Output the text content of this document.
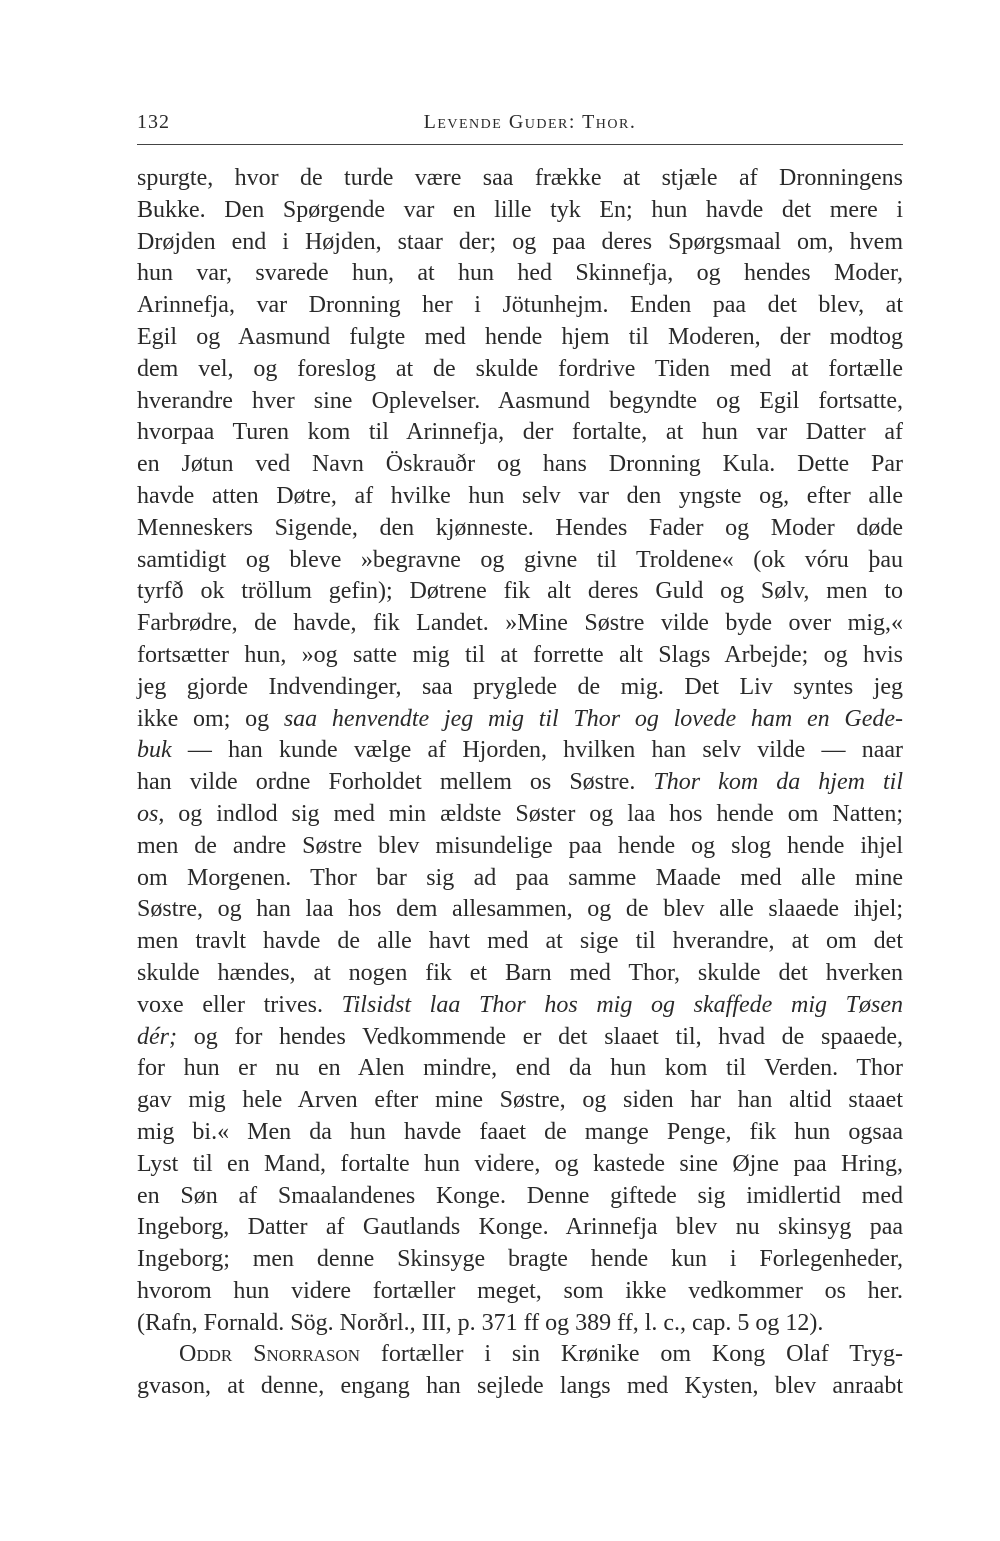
132	Levende Guder: Thor.
spurgte, hvor de turde være saa frække at stjæle af Dronningens
Bukke. Den Spørgende var en lille tyk En; hun havde det mere i
Drøjden end i Højden, staar der; og paa deres Spørgsmaal om, hvem
hun var, svarede hun, at hun hed Skinnefja, og hendes Moder,
Arinnefja, var Dronning her i Jötunhejm. Enden paa det blev, at
Egil og Aasmund fulgte med hende hjem til Moderen, der modtog
dem vel, og foreslog at de skulde fordrive Tiden med at fortælle
hverandre hver sine Oplevelser. Aasmund begyndte og Egil fortsatte,
hvorpaa Turen kom til Arinnefja, der fortalte, at hun var Datter af
en Jøtun ved Navn Öskrauðr og hans Dronning Kula. Dette Par
havde atten Døtre, af hvilke hun selv var den yngste og, efter alle
Menneskers Sigende, den kjønneste. Hendes Fader og Moder døde
samtidigt og bleve »begravne og givne til Troldene« (ok vóru þau
tyrfð ok tröllum gefin); Døtrene fik alt deres Guld og Sølv, men to
Farbrødre, de havde, fik Landet. »Mine Søstre vilde byde over mig,«
fortsætter hun, »og satte mig til at forrette alt Slags Arbejde; og hvis
jeg gjorde Indvendinger, saa pryglede de mig. Det Liv syntes jeg
ikke om; og saa henvendte jeg mig til Thor og lovede ham en Gede-
buk — han kunde vælge af Hjorden, hvilken han selv vilde — naar
han vilde ordne Forholdet mellem os Søstre. Thor kom da hjem til
os, og indlod sig med min ældste Søster og laa hos hende om Natten;
men de andre Søstre blev misundelige paa hende og slog hende ihjel
om Morgenen. Thor bar sig ad paa samme Maade med alle mine
Søstre, og han laa hos dem allesammen, og de blev alle slaaede ihjel;
men travlt havde de alle havt med at sige til hverandre, at om det
skulde hændes, at nogen fik et Barn med Thor, skulde det hverken
voxe eller trives. Tilsidst laa Thor hos mig og skaffede mig Tøsen
dér; og for hendes Vedkommende er det slaaet til, hvad de spaaede,
for hun er nu en Alen mindre, end da hun kom til Verden. Thor
gav mig hele Arven efter mine Søstre, og siden har han altid staaet
mig bi.« Men da hun havde faaet de mange Penge, fik hun ogsaa
Lyst til en Mand, fortalte hun videre, og kastede sine Øjne paa Hring,
en Søn af Smaalandenes Konge. Denne giftede sig imidlertid med
Ingeborg, Datter af Gautlands Konge. Arinnefja blev nu skinsyg paa
Ingeborg; men denne Skinsyge bragte hende kun i Forlegenheder,
hvorom hun videre fortæller meget, som ikke vedkommer os her.
(Rafn, Fornald. Sög. Norðrl., III, p. 371 ff og 389 ff, l. c., cap. 5 og 12).
Oddr Snorrason fortæller i sin Krønike om Kong Olaf Tryg-
gvason, at denne, engang han sejlede langs med Kysten, blev anraabt
